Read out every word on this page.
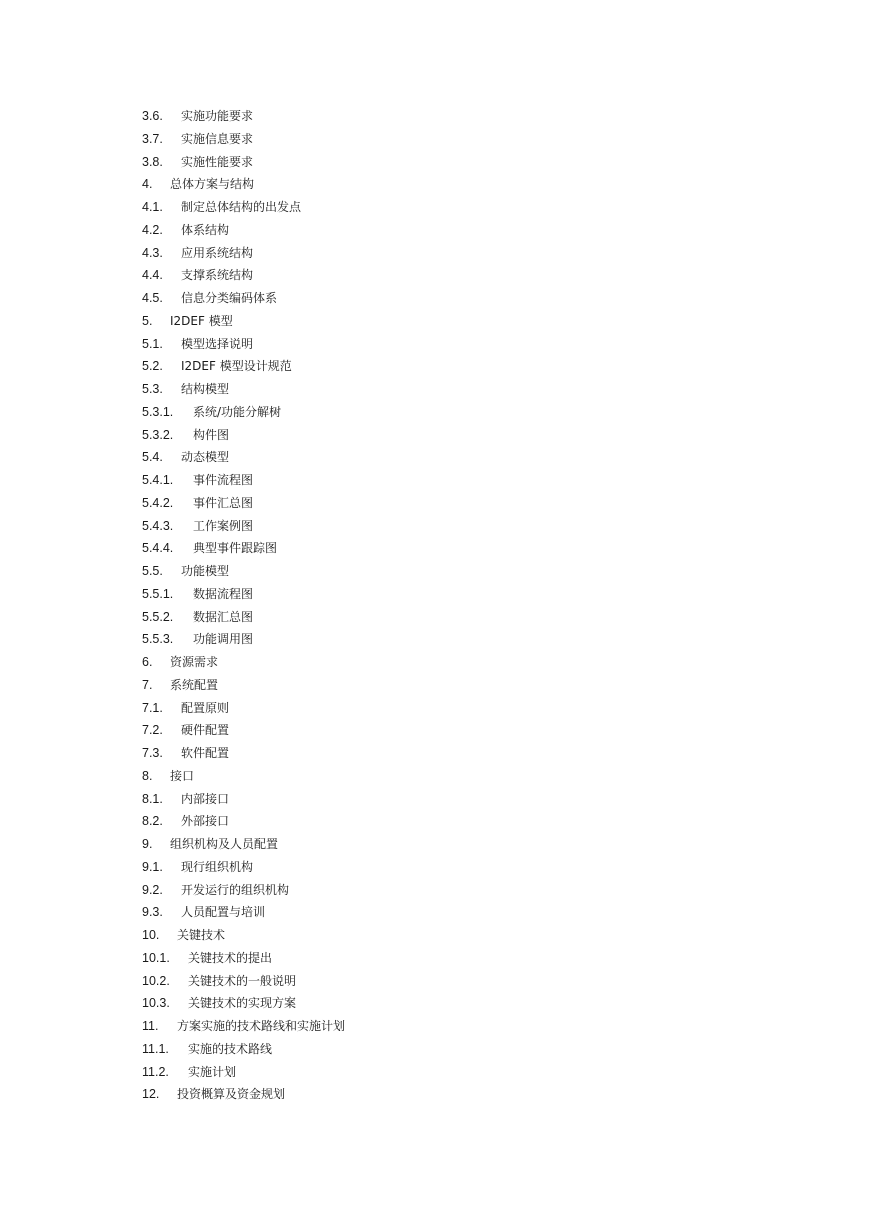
3.6. 实施功能要求
3.7. 实施信息要求
3.8. 实施性能要求
4. 总体方案与结构
4.1. 制定总体结构的出发点
4.2. 体系结构
4.3. 应用系统结构
4.4. 支撑系统结构
4.5. 信息分类编码体系
5. I2DEF 模型
5.1. 模型选择说明
5.2. I2DEF 模型设计规范
5.3. 结构模型
5.3.1. 系统/功能分解树
5.3.2. 构件图
5.4. 动态模型
5.4.1. 事件流程图
5.4.2. 事件汇总图
5.4.3. 工作案例图
5.4.4. 典型事件跟踪图
5.5. 功能模型
5.5.1. 数据流程图
5.5.2. 数据汇总图
5.5.3. 功能调用图
6. 资源需求
7. 系统配置
7.1. 配置原则
7.2. 硬件配置
7.3. 软件配置
8. 接口
8.1. 内部接口
8.2. 外部接口
9. 组织机构及人员配置
9.1. 现行组织机构
9.2. 开发运行的组织机构
9.3. 人员配置与培训
10. 关键技术
10.1. 关键技术的提出
10.2. 关键技术的一般说明
10.3. 关键技术的实现方案
11. 方案实施的技术路线和实施计划
11.1. 实施的技术路线
11.2. 实施计划
12. 投资概算及资金规划
